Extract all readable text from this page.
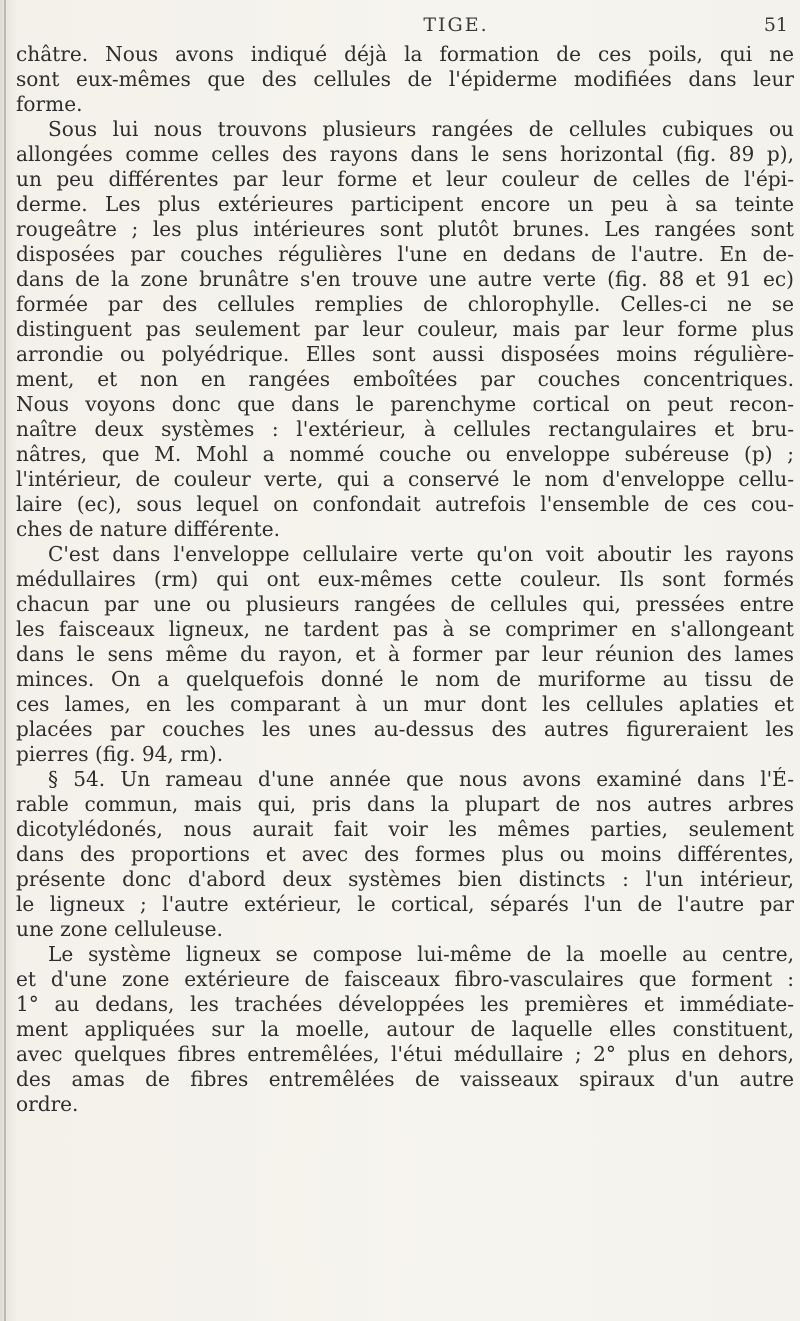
TIGE.	51
châtre. Nous avons indiqué déjà la formation de ces poils, qui ne
sont eux-mêmes que des cellules de l'épiderme modifiées dans leur
forme.
Sous lui nous trouvons plusieurs rangées de cellules cubiques ou
allongées comme celles des rayons dans le sens horizontal (fig. 89 p),
un peu différentes par leur forme et leur couleur de celles de l'épi-
derme. Les plus extérieures participent encore un peu à sa teinte
rougeâtre ; les plus intérieures sont plutôt brunes. Les rangées sont
disposées par couches régulières l'une en dedans de l'autre. En de-
dans de la zone brunâtre s'en trouve une autre verte (fig. 88 et 91 ec)
formée par des cellules remplies de chlorophylle. Celles-ci ne se
distinguent pas seulement par leur couleur, mais par leur forme plus
arrondie ou polyédrique. Elles sont aussi disposées moins régulière-
ment, et non en rangées emboîtées par couches concentriques.
Nous voyons donc que dans le parenchyme cortical on peut recon-
naître deux systèmes : l'extérieur, à cellules rectangulaires et bru-
nâtres, que M. Mohl a nommé couche ou enveloppe subéreuse (p) ;
l'intérieur, de couleur verte, qui a conservé le nom d'enveloppe cellu-
laire (ec), sous lequel on confondait autrefois l'ensemble de ces cou-
ches de nature différente.
C'est dans l'enveloppe cellulaire verte qu'on voit aboutir les rayons
médullaires (rm) qui ont eux-mêmes cette couleur. Ils sont formés
chacun par une ou plusieurs rangées de cellules qui, pressées entre
les faisceaux ligneux, ne tardent pas à se comprimer en s'allongeant
dans le sens même du rayon, et à former par leur réunion des lames
minces. On a quelquefois donné le nom de muriforme au tissu de
ces lames, en les comparant à un mur dont les cellules aplaties et
placées par couches les unes au-dessus des autres figureraient les
pierres (fig. 94, rm).
§ 54. Un rameau d'une année que nous avons examiné dans l'É-
rable commun, mais qui, pris dans la plupart de nos autres arbres
dicotylédonés, nous aurait fait voir les mêmes parties, seulement
dans des proportions et avec des formes plus ou moins différentes,
présente donc d'abord deux systèmes bien distincts : l'un intérieur,
le ligneux ; l'autre extérieur, le cortical, séparés l'un de l'autre par
une zone celluleuse.
Le système ligneux se compose lui-même de la moelle au centre,
et d'une zone extérieure de faisceaux fibro-vasculaires que forment :
1° au dedans, les trachées développées les premières et immédiate-
ment appliquées sur la moelle, autour de laquelle elles constituent,
avec quelques fibres entremêlées, l'étui médullaire ; 2° plus en dehors,
des amas de fibres entremêlées de vaisseaux spiraux d'un autre
ordre.
